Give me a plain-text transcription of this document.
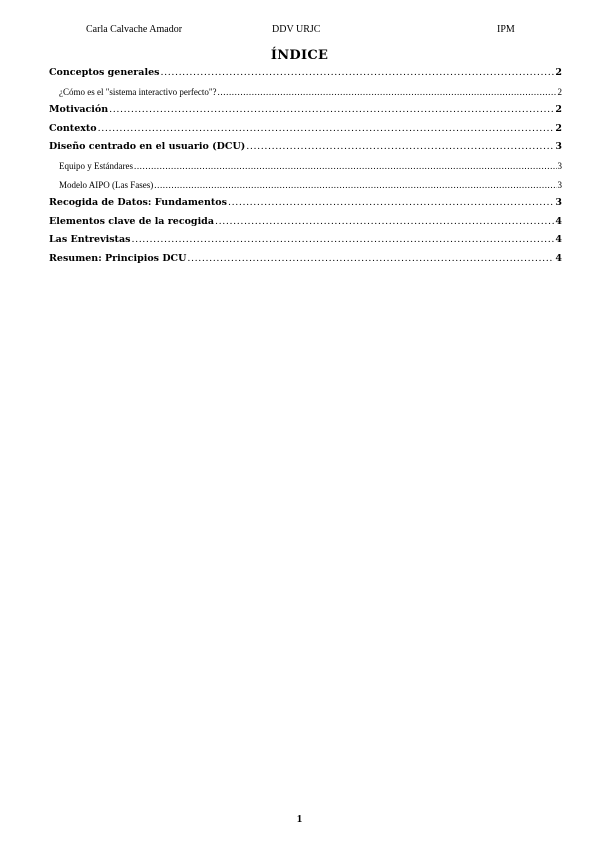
Carla Calvache Amador	DDV URJC	IPM
ÍNDICE
Conceptos generales .....	2
¿Cómo es el "sistema interactivo perfecto"? .....	2
Motivación .....	2
Contexto .....	2
Diseño centrado en el usuario (DCU) .....	3
Equipo y Estándares .....	3
Modelo AIPO (Las Fases) .....	3
Recogida de Datos: Fundamentos .....	3
Elementos clave de la recogida .....	4
Las Entrevistas .....	4
Resumen: Principios DCU .....	4
1
